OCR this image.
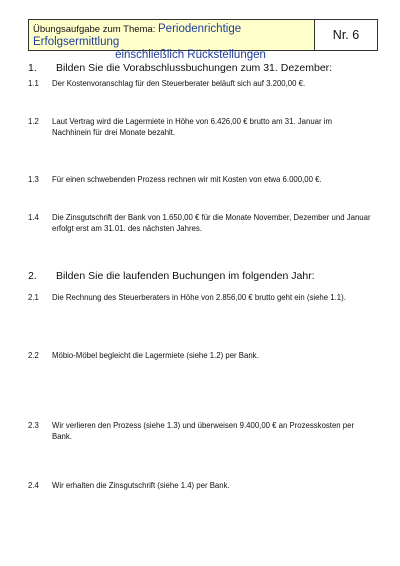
Übungsaufgabe zum Thema: Periodenrichtige Erfolgsermittlung
einschließlich Rückstellungen
Nr. 6
1.	Bilden Sie die Vorabschlussbuchungen zum 31. Dezember:
1.1	Der Kostenvoranschlag für den Steuerberater beläuft sich auf 3.200,00 €.
1.2	Laut Vertrag wird die Lagermiete in Höhe von 6.426,00 € brutto am 31. Januar im Nachhinein für drei Monate bezahlt.
1.3	Für einen schwebenden Prozess rechnen wir mit Kosten von etwa 6.000,00 €.
1.4	Die Zinsgutschrift der Bank von 1.650,00 € für die Monate November, Dezember und Januar erfolgt erst am 31.01. des nächsten Jahres.
2.	Bilden Sie die laufenden Buchungen im folgenden Jahr:
2.1	Die Rechnung des Steuerberaters in Höhe von 2.856,00 € brutto geht ein (siehe 1.1).
2.2	Möbio-Möbel begleicht die Lagermiete (siehe 1.2) per Bank.
2.3	Wir verlieren den Prozess (siehe 1.3) und überweisen 9.400,00 € an Prozesskosten per Bank.
2.4	Wir erhalten die Zinsgutschrift (siehe 1.4) per Bank.
